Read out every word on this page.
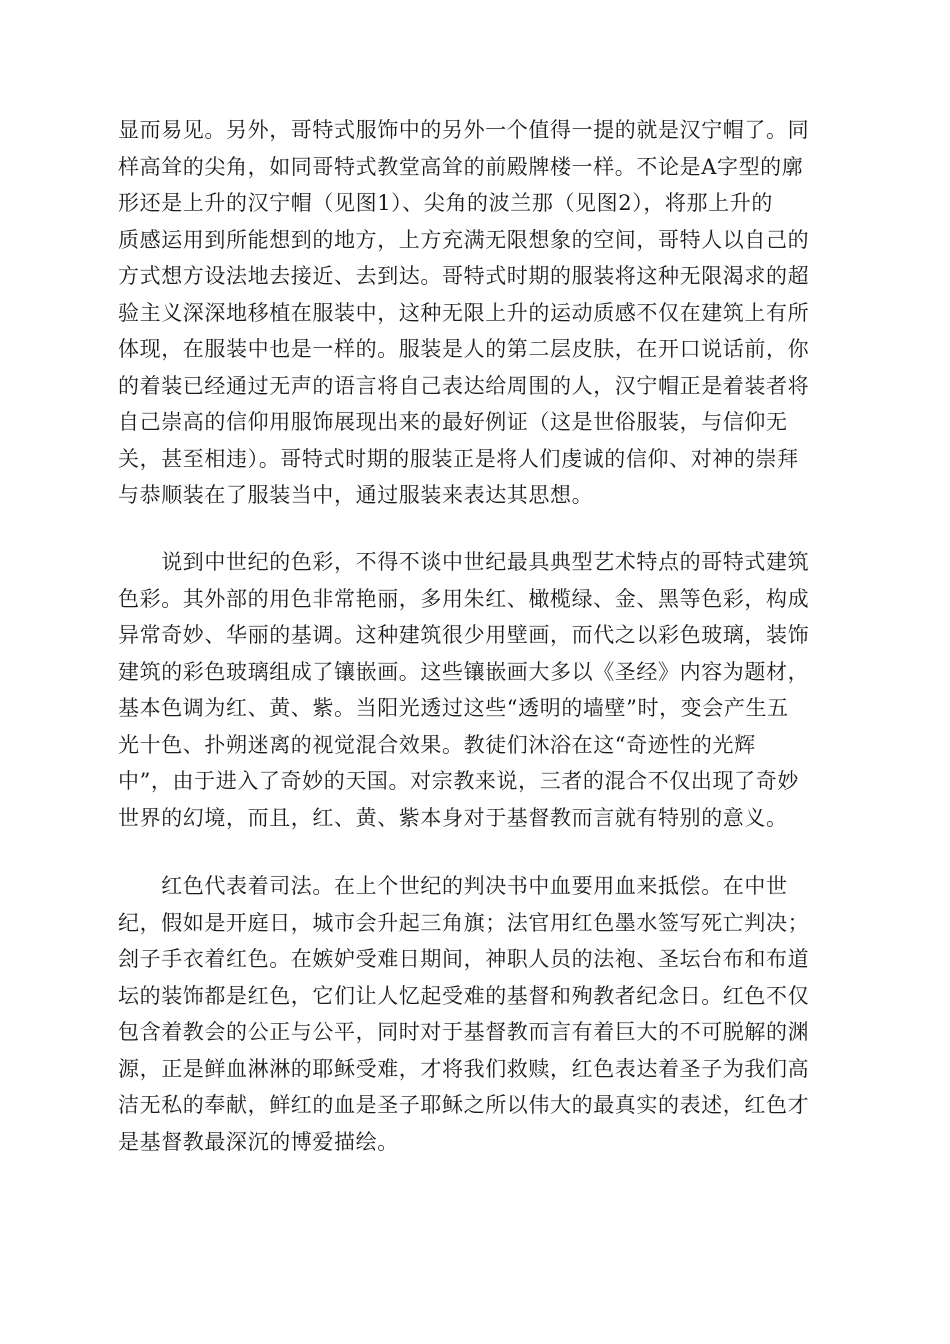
显而易见。另外，哥特式服饰中的另外一个值得一提的就是汉宁帽了。同
样高耸的尖角，如同哥特式教堂高耸的前殿牌楼一样。不论是A字型的廓
形还是上升的汉宁帽（见图1）、尖角的波兰那（见图2），将那上升的
质感运用到所能想到的地方，上方充满无限想象的空间，哥特人以自己的
方式想方设法地去接近、去到达。哥特式时期的服装将这种无限渴求的超
验主义深深地移植在服装中，这种无限上升的运动质感不仅在建筑上有所
体现，在服装中也是一样的。服装是人的第二层皮肤，在开口说话前，你
的着装已经通过无声的语言将自己表达给周围的人，汉宁帽正是着装者将
自己崇高的信仰用服饰展现出来的最好例证（这是世俗服装，与信仰无
关，甚至相违）。哥特式时期的服装正是将人们虔诚的信仰、对神的崇拜
与恭顺装在了服装当中，通过服装来表达其思想。

　　说到中世纪的色彩，不得不谈中世纪最具典型艺术特点的哥特式建筑
色彩。其外部的用色非常艳丽，多用朱红、橄榄绿、金、黑等色彩，构成
异常奇妙、华丽的基调。这种建筑很少用壁画，而代之以彩色玻璃，装饰
建筑的彩色玻璃组成了镶嵌画。这些镶嵌画大多以《圣经》内容为题材，
基本色调为红、黄、紫。当阳光透过这些“透明的墙壁”时，变会产生五
光十色、扑朔迷离的视觉混合效果。教徒们沐浴在这“奇迹性的光辉
中”，由于进入了奇妙的天国。对宗教来说，三者的混合不仅出现了奇妙
世界的幻境，而且，红、黄、紫本身对于基督教而言就有特别的意义。

　　红色代表着司法。在上个世纪的判决书中血要用血来抵偿。在中世
纪，假如是开庭日，城市会升起三角旗；法官用红色墨水签写死亡判决；
刽子手衣着红色。在嫉妒受难日期间，神职人员的法袍、圣坛台布和布道
坛的装饰都是红色，它们让人忆起受难的基督和殉教者纪念日。红色不仅
包含着教会的公正与公平，同时对于基督教而言有着巨大的不可脱解的渊
源，正是鲜血淋淋的耶稣受难，才将我们救赎，红色表达着圣子为我们高
洁无私的奉献，鲜红的血是圣子耶稣之所以伟大的最真实的表述，红色才
是基督教最深沉的博爱描绘。
